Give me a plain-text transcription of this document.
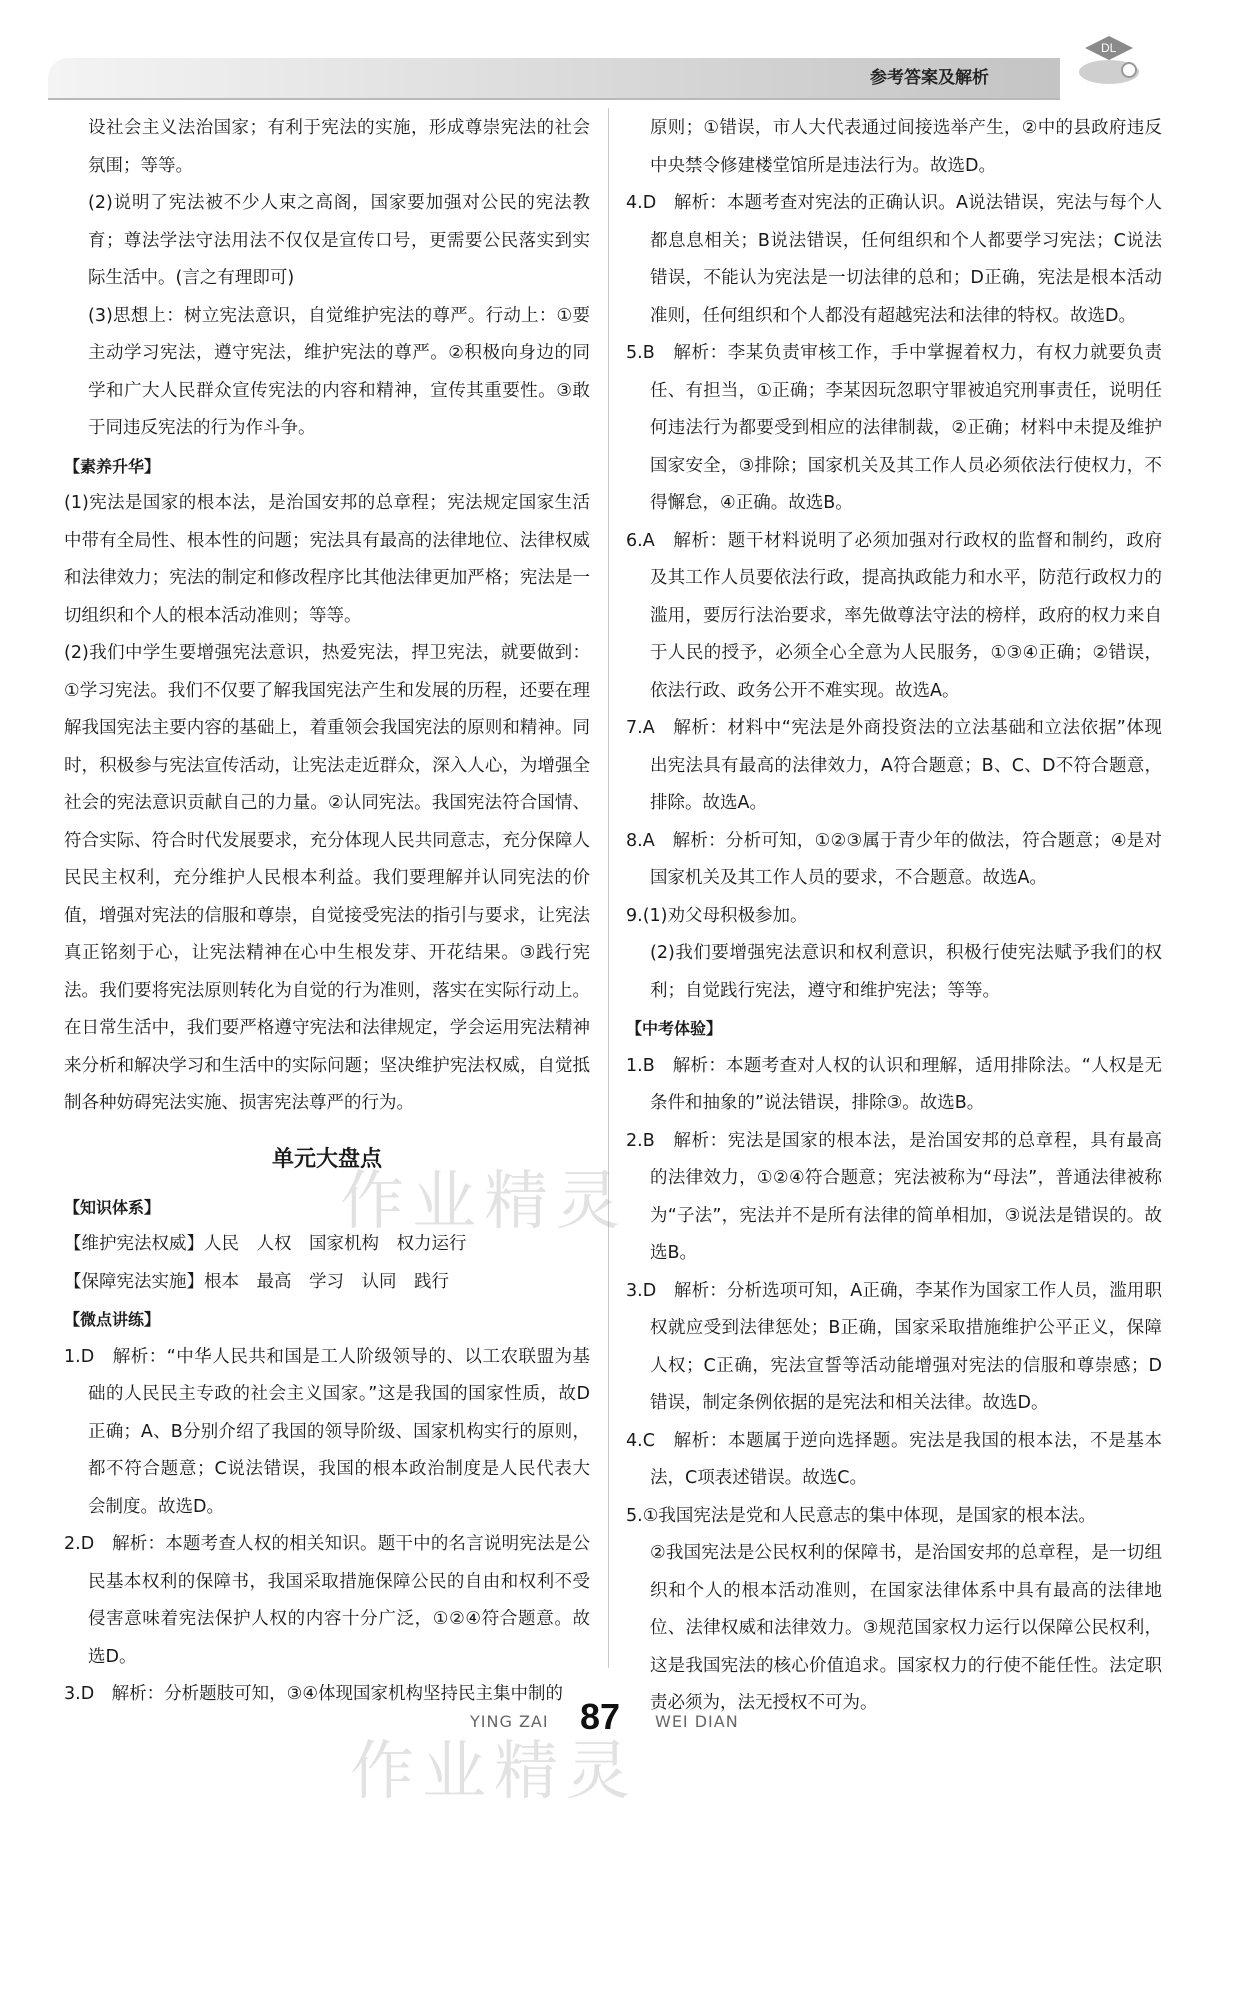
参考答案及解析
DL

设社会主义法治国家；有利于宪法的实施，形成尊崇宪法的社会氛围；等等。

(2)说明了宪法被不少人束之高阁，国家要加强对公民的宪法教育；尊法学法守法用法不仅仅是宣传口号，更需要公民落实到实际生活中。(言之有理即可)

(3)思想上：树立宪法意识，自觉维护宪法的尊严。行动上：①要主动学习宪法，遵守宪法，维护宪法的尊严。②积极向身边的同学和广大人民群众宣传宪法的内容和精神，宣传其重要性。③敢于同违反宪法的行为作斗争。

【素养升华】

(1)宪法是国家的根本法，是治国安邦的总章程；宪法规定国家生活中带有全局性、根本性的问题；宪法具有最高的法律地位、法律权威和法律效力；宪法的制定和修改程序比其他法律更加严格；宪法是一切组织和个人的根本活动准则；等等。

(2)我们中学生要增强宪法意识，热爱宪法，捍卫宪法，就要做到：①学习宪法。我们不仅要了解我国宪法产生和发展的历程，还要在理解我国宪法主要内容的基础上，着重领会我国宪法的原则和精神。同时，积极参与宪法宣传活动，让宪法走近群众，深入人心，为增强全社会的宪法意识贡献自己的力量。②认同宪法。我国宪法符合国情、符合实际、符合时代发展要求，充分体现人民共同意志，充分保障人民民主权利，充分维护人民根本利益。我们要理解并认同宪法的价值，增强对宪法的信服和尊崇，自觉接受宪法的指引与要求，让宪法真正铭刻于心，让宪法精神在心中生根发芽、开花结果。③践行宪法。我们要将宪法原则转化为自觉的行为准则，落实在实际行动上。在日常生活中，我们要严格遵守宪法和法律规定，学会运用宪法精神来分析和解决学习和生活中的实际问题；坚决维护宪法权威，自觉抵制各种妨碍宪法实施、损害宪法尊严的行为。

单元大盘点

【知识体系】

【维护宪法权威】人民　人权　国家机构　权力运行

【保障宪法实施】根本　最高　学习　认同　践行

【微点讲练】

1.D　解析：“中华人民共和国是工人阶级领导的、以工农联盟为基础的人民民主专政的社会主义国家。”这是我国的国家性质，故D正确；A、B分别介绍了我国的领导阶级、国家机构实行的原则，都不符合题意；C说法错误，我国的根本政治制度是人民代表大会制度。故选D。

2.D　解析：本题考查人权的相关知识。题干中的名言说明宪法是公民基本权利的保障书，我国采取措施保障公民的自由和权利不受侵害意味着宪法保护人权的内容十分广泛，①②④符合题意。故选D。

3.D　解析：分析题肢可知，③④体现国家机构坚持民主集中制的

原则；①错误，市人大代表通过间接选举产生，②中的县政府违反中央禁令修建楼堂馆所是违法行为。故选D。

4.D　解析：本题考查对宪法的正确认识。A说法错误，宪法与每个人都息息相关；B说法错误，任何组织和个人都要学习宪法；C说法错误，不能认为宪法是一切法律的总和；D正确，宪法是根本活动准则，任何组织和个人都没有超越宪法和法律的特权。故选D。

5.B　解析：李某负责审核工作，手中掌握着权力，有权力就要负责任、有担当，①正确；李某因玩忽职守罪被追究刑事责任，说明任何违法行为都要受到相应的法律制裁，②正确；材料中未提及维护国家安全，③排除；国家机关及其工作人员必须依法行使权力，不得懈怠，④正确。故选B。

6.A　解析：题干材料说明了必须加强对行政权的监督和制约，政府及其工作人员要依法行政，提高执政能力和水平，防范行政权力的滥用，要厉行法治要求，率先做尊法守法的榜样，政府的权力来自于人民的授予，必须全心全意为人民服务，①③④正确；②错误，依法行政、政务公开不难实现。故选A。

7.A　解析：材料中“宪法是外商投资法的立法基础和立法依据”体现出宪法具有最高的法律效力，A符合题意；B、C、D不符合题意，排除。故选A。

8.A　解析：分析可知，①②③属于青少年的做法，符合题意；④是对国家机关及其工作人员的要求，不合题意。故选A。

9.(1)劝父母积极参加。

(2)我们要增强宪法意识和权利意识，积极行使宪法赋予我们的权利；自觉践行宪法，遵守和维护宪法；等等。

【中考体验】

1.B　解析：本题考查对人权的认识和理解，适用排除法。“人权是无条件和抽象的”说法错误，排除③。故选B。

2.B　解析：宪法是国家的根本法，是治国安邦的总章程，具有最高的法律效力，①②④符合题意；宪法被称为“母法”，普通法律被称为“子法”，宪法并不是所有法律的简单相加，③说法是错误的。故选B。

3.D　解析：分析选项可知，A正确，李某作为国家工作人员，滥用职权就应受到法律惩处；B正确，国家采取措施维护公平正义，保障人权；C正确，宪法宣誓等活动能增强对宪法的信服和尊崇感；D错误，制定条例依据的是宪法和相关法律。故选D。

4.C　解析：本题属于逆向选择题。宪法是我国的根本法，不是基本法，C项表述错误。故选C。

5.①我国宪法是党和人民意志的集中体现，是国家的根本法。

②我国宪法是公民权利的保障书，是治国安邦的总章程，是一切组织和个人的根本活动准则，在国家法律体系中具有最高的法律地位、法律权威和法律效力。③规范国家权力运行以保障公民权利，这是我国宪法的核心价值追求。国家权力的行使不能任性。法定职责必须为，法无授权不可为。

作业精灵
作业精灵
YING ZAI 87 WEI DIAN
